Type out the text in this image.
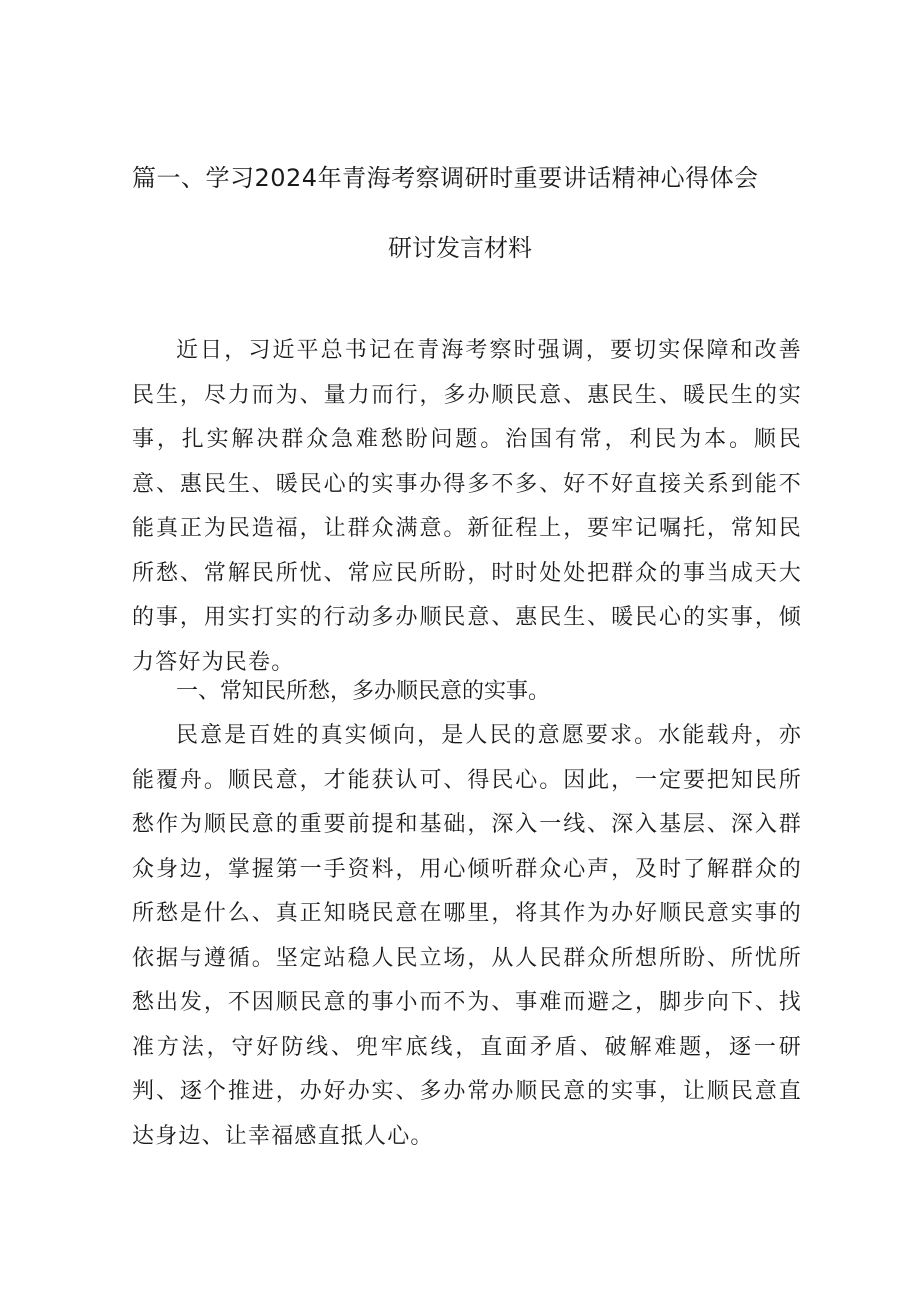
篇一、学习2024年青海考察调研时重要讲话精神心得体会
研讨发言材料

近日，习近平总书记在青海考察时强调，要切实保障和改善民生，尽力而为、量力而行，多办顺民意、惠民生、暖民生的实事，扎实解决群众急难愁盼问题。治国有常，利民为本。顺民意、惠民生、暖民心的实事办得多不多、好不好直接关系到能不能真正为民造福，让群众满意。新征程上，要牢记嘱托，常知民所愁、常解民所忧、常应民所盼，时时处处把群众的事当成天大的事，用实打实的行动多办顺民意、惠民生、暖民心的实事，倾力答好为民卷。

一、常知民所愁，多办顺民意的实事。

民意是百姓的真实倾向，是人民的意愿要求。水能载舟，亦能覆舟。顺民意，才能获认可、得民心。因此，一定要把知民所愁作为顺民意的重要前提和基础，深入一线、深入基层、深入群众身边，掌握第一手资料，用心倾听群众心声，及时了解群众的所愁是什么、真正知晓民意在哪里，将其作为办好顺民意实事的依据与遵循。坚定站稳人民立场，从人民群众所想所盼、所忧所愁出发，不因顺民意的事小而不为、事难而避之，脚步向下、找准方法，守好防线、兜牢底线，直面矛盾、破解难题，逐一研判、逐个推进，办好办实、多办常办顺民意的实事，让顺民意直达身边、让幸福感直抵人心。
